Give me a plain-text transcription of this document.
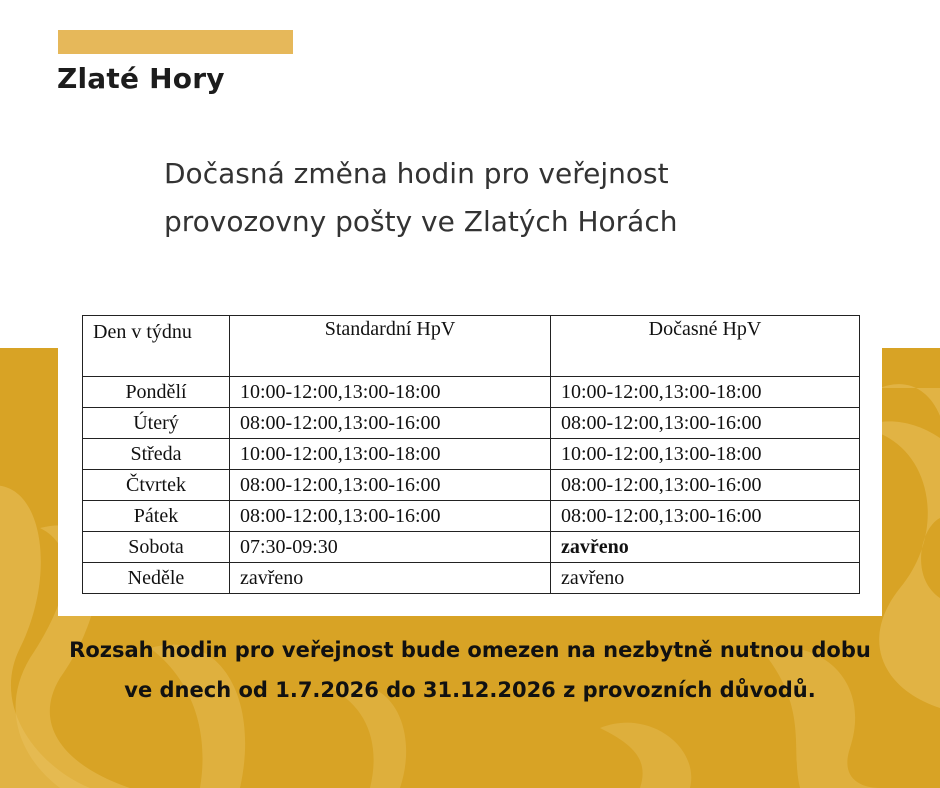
Zlaté Hory
Dočasná změna hodin pro veřejnost
provozovny pošty ve Zlatých Horách
Den v týdnu	Standardní HpV	Dočasné HpV
Pondělí	10:00-12:00,13:00-18:00	10:00-12:00,13:00-18:00
Úterý	08:00-12:00,13:00-16:00	08:00-12:00,13:00-16:00
Středa	10:00-12:00,13:00-18:00	10:00-12:00,13:00-18:00
Čtvrtek	08:00-12:00,13:00-16:00	08:00-12:00,13:00-16:00
Pátek	08:00-12:00,13:00-16:00	08:00-12:00,13:00-16:00
Sobota	07:30-09:30	zavřeno
Neděle	zavřeno	zavřeno
Rozsah hodin pro veřejnost bude omezen na nezbytně nutnou dobu
ve dnech od 1.7.2026 do 31.12.2026 z provozních důvodů.
